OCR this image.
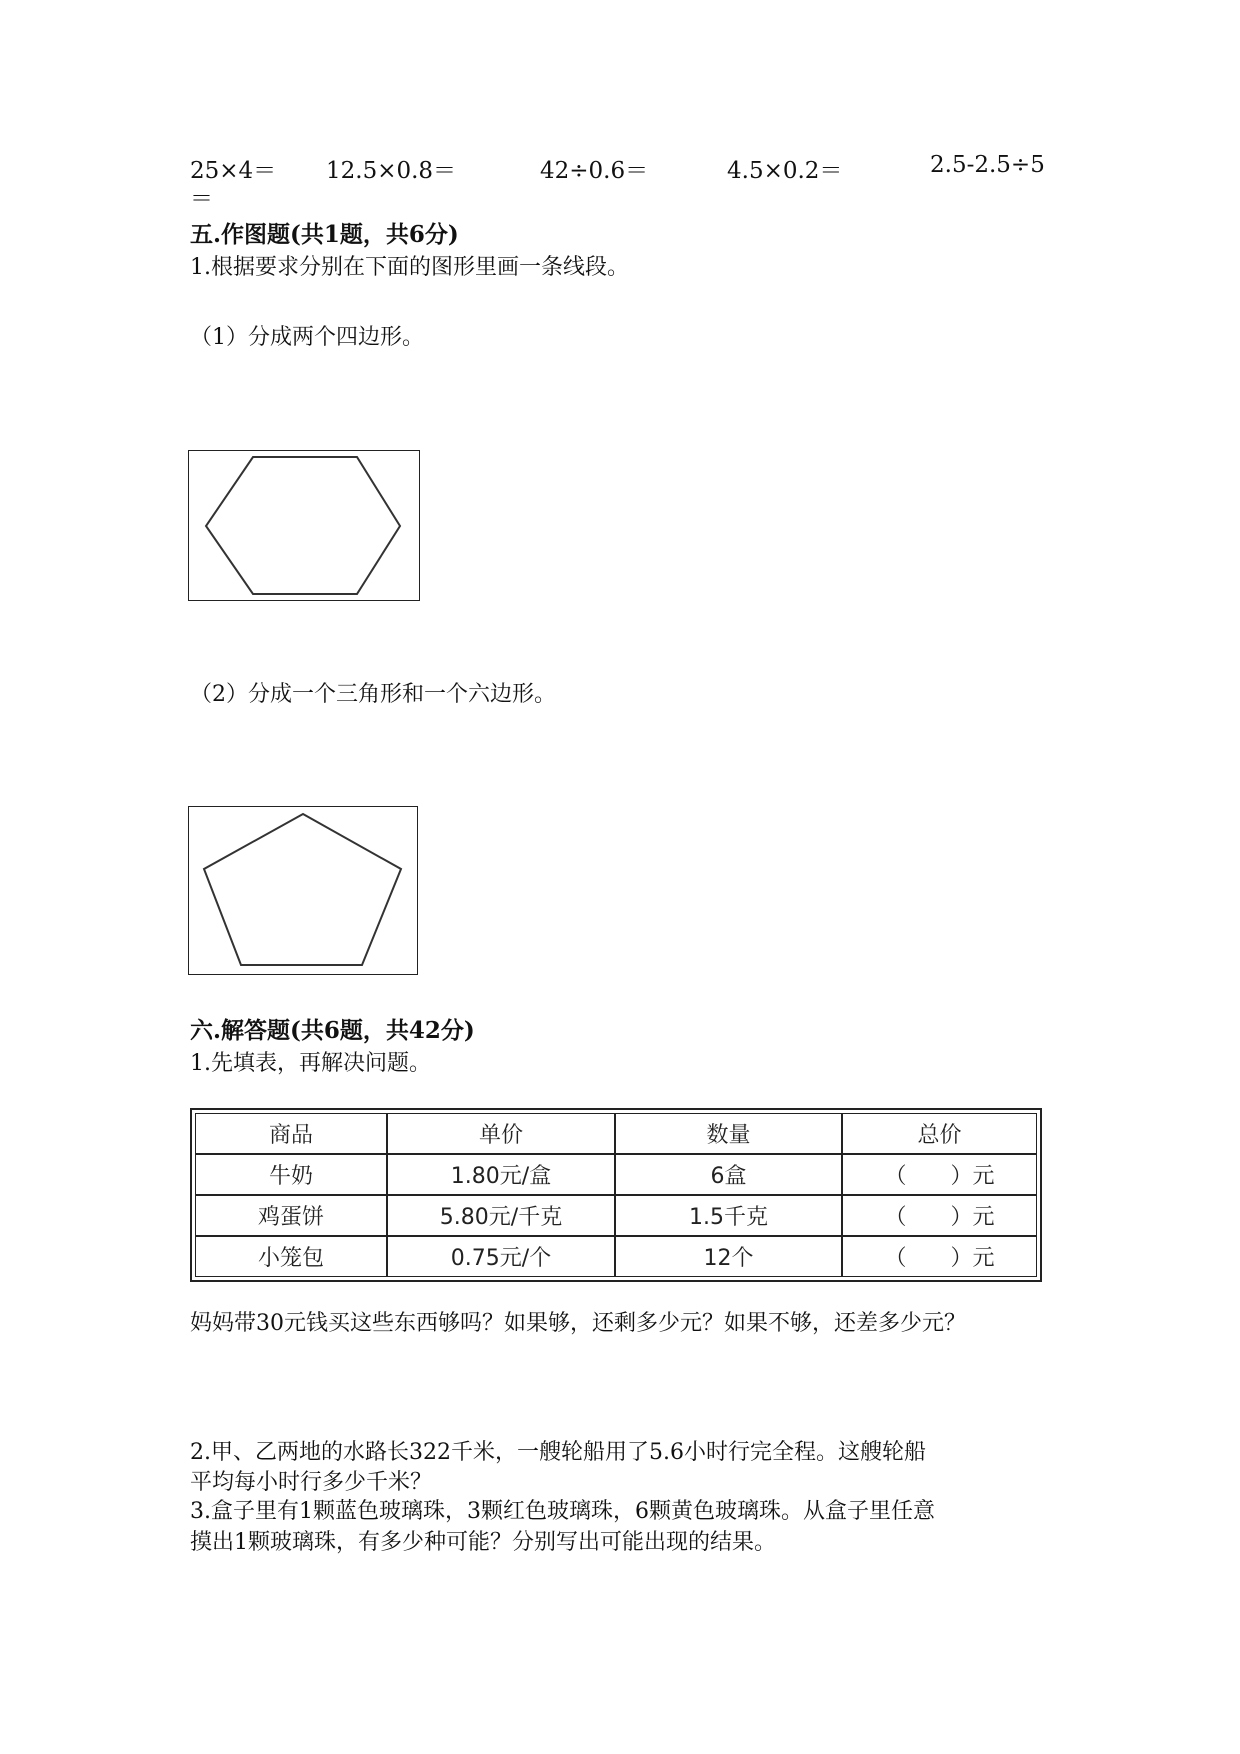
25×4＝ 12.5×0.8＝	42÷0.6＝	4.5×0.2＝	2.5-2.5÷5
＝
五.作图题(共1题，共6分)
1.根据要求分别在下面的图形里画一条线段。
（1）分成两个四边形。
（2）分成一个三角形和一个六边形。
六.解答题(共6题，共42分)
1.先填表，再解决问题。
商品	单价	数量	总价
牛奶	1.80元/盒	6盒	（　　）元
鸡蛋饼	5.80元/千克	1.5千克	（　　）元
小笼包	0.75元/个	12个	（　　）元
妈妈带30元钱买这些东西够吗？如果够，还剩多少元？如果不够，还差多少元？
2.甲、乙两地的水路长322千米，一艘轮船用了5.6小时行完全程。这艘轮船
平均每小时行多少千米？
3.盒子里有1颗蓝色玻璃珠，3颗红色玻璃珠，6颗黄色玻璃珠。从盒子里任意
摸出1颗玻璃珠，有多少种可能？分别写出可能出现的结果。
